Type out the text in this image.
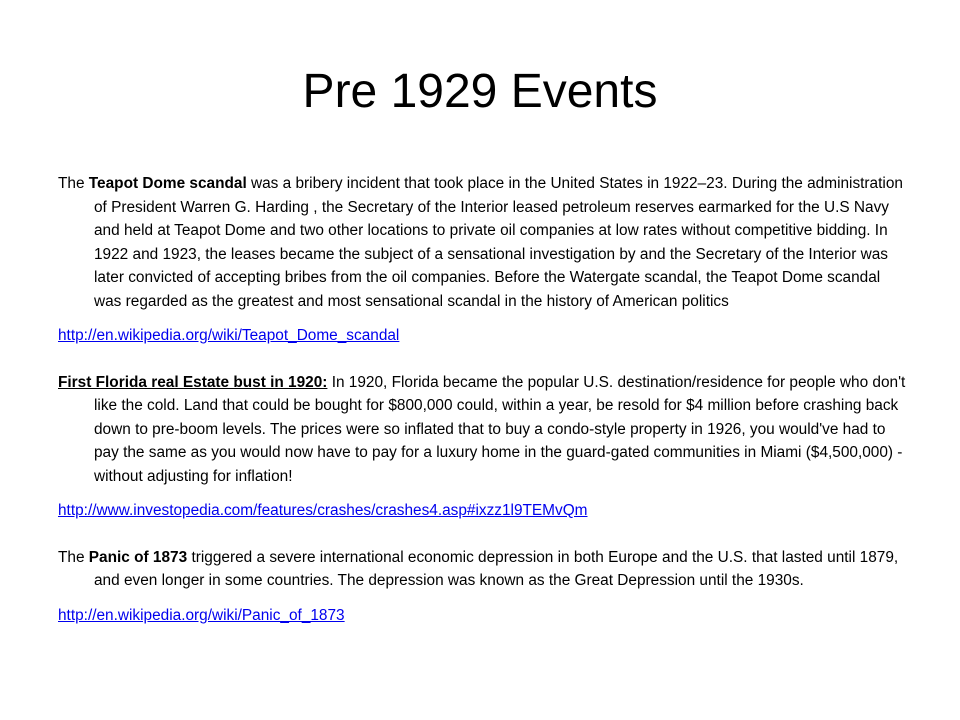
Pre 1929 Events

The Teapot Dome scandal was a bribery incident that took place in the United States in 1922–23. During the administration of President Warren G. Harding , the Secretary of the Interior leased petroleum reserves earmarked for the U.S Navy and held at Teapot Dome and two other locations to private oil companies at low rates without competitive bidding. In 1922 and 1923, the leases became the subject of a sensational investigation by and the Secretary of the Interior was later convicted of accepting bribes from the oil companies. Before the Watergate scandal, the Teapot Dome scandal was regarded as the greatest and most sensational scandal in the history of American politics

http://en.wikipedia.org/wiki/Teapot_Dome_scandal

First Florida real Estate bust in 1920: In 1920, Florida became the popular U.S. destination/residence for people who don't like the cold. Land that could be bought for $800,000 could, within a year, be resold for $4 million before crashing back down to pre-boom levels. The prices were so inflated that to buy a condo-style property in 1926, you would've had to pay the same as you would now have to pay for a luxury home in the guard-gated communities in Miami ($4,500,000) - without adjusting for inflation!

http://www.investopedia.com/features/crashes/crashes4.asp#ixzz1l9TEMvQm

The Panic of 1873 triggered a severe international economic depression in both Europe and the U.S. that lasted until 1879, and even longer in some countries. The depression was known as the Great Depression until the 1930s.

http://en.wikipedia.org/wiki/Panic_of_1873
